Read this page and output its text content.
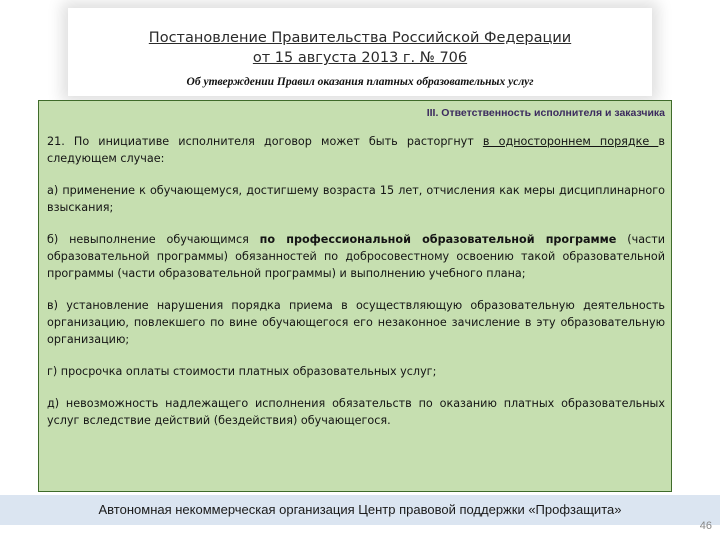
Постановление Правительства Российской Федерации
от 15 августа 2013 г. № 706
Об утверждении Правил оказания платных образовательных услуг
III. Ответственность исполнителя и заказчика

21. По инициативе исполнителя договор может быть расторгнут в одностороннем порядке в следующем случае:

а) применение к обучающемуся, достигшему возраста 15 лет, отчисления как меры дисциплинарного взыскания;

б) невыполнение обучающимся по профессиональной образовательной программе (части образовательной программы) обязанностей по добросовестному освоению такой образовательной программы (части образовательной программы) и выполнению учебного плана;

в) установление нарушения порядка приема в осуществляющую образовательную деятельность организацию, повлекшего по вине обучающегося его незаконное зачисление в эту образовательную организацию;

г) просрочка оплаты стоимости платных образовательных услуг;

д) невозможность надлежащего исполнения обязательств по оказанию платных образовательных услуг вследствие действий (бездействия) обучающегося.

Автономная некоммерческая организация Центр правовой поддержки «Профзащита»
46
